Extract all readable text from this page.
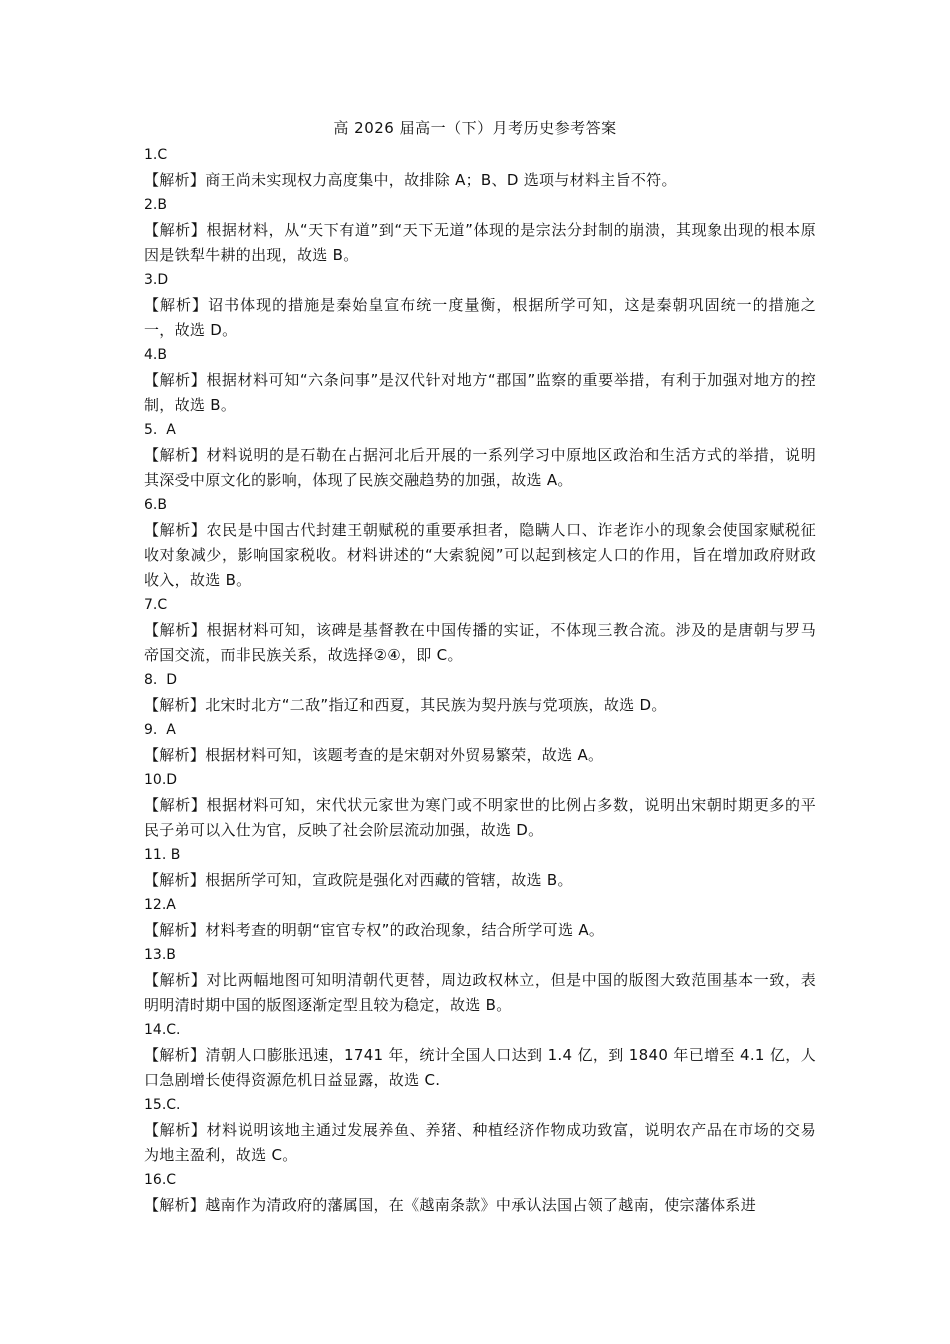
高 2026 届高一（下）月考历史参考答案
1.C
【解析】商王尚未实现权力高度集中，故排除 A；B、D 选项与材料主旨不符。
2.B
【解析】根据材料，从“天下有道”到“天下无道”体现的是宗法分封制的崩溃，其现象出现的根本原因是铁犁牛耕的出现，故选 B。
3.D
【解析】诏书体现的措施是秦始皇宣布统一度量衡，根据所学可知，这是秦朝巩固统一的措施之一，故选 D。
4.B
【解析】根据材料可知“六条问事”是汉代针对地方“郡国”监察的重要举措，有利于加强对地方的控制，故选 B。
5.  A
【解析】材料说明的是石勒在占据河北后开展的一系列学习中原地区政治和生活方式的举措，说明其深受中原文化的影响，体现了民族交融趋势的加强，故选 A。
6.B
【解析】农民是中国古代封建王朝赋税的重要承担者，隐瞒人口、诈老诈小的现象会使国家赋税征收对象减少，影响国家税收。材料讲述的“大索貌阅”可以起到核定人口的作用，旨在增加政府财政收入，故选 B。
7.C
【解析】根据材料可知，该碑是基督教在中国传播的实证，不体现三教合流。涉及的是唐朝与罗马帝国交流，而非民族关系，故选择②④，即 C。
8.  D
【解析】北宋时北方“二敌”指辽和西夏，其民族为契丹族与党项族，故选 D。
9.  A
【解析】根据材料可知，该题考查的是宋朝对外贸易繁荣，故选 A。
10.D
【解析】根据材料可知，宋代状元家世为寒门或不明家世的比例占多数，说明出宋朝时期更多的平民子弟可以入仕为官，反映了社会阶层流动加强，故选 D。
11. B
【解析】根据所学可知，宣政院是强化对西藏的管辖，故选 B。
12.A
【解析】材料考查的明朝“宦官专权”的政治现象，结合所学可选 A。
13.B
【解析】对比两幅地图可知明清朝代更替，周边政权林立，但是中国的版图大致范围基本一致，表明明清时期中国的版图逐渐定型且较为稳定，故选 B。
14.C.
【解析】清朝人口膨胀迅速，1741 年，统计全国人口达到 1.4 亿，到 1840 年已增至 4.1 亿，人口急剧增长使得资源危机日益显露，故选 C.
15.C.
【解析】材料说明该地主通过发展养鱼、养猪、种植经济作物成功致富，说明农产品在市场的交易为地主盈利，故选 C。
16.C
【解析】越南作为清政府的藩属国，在《越南条款》中承认法国占领了越南，使宗藩体系进
